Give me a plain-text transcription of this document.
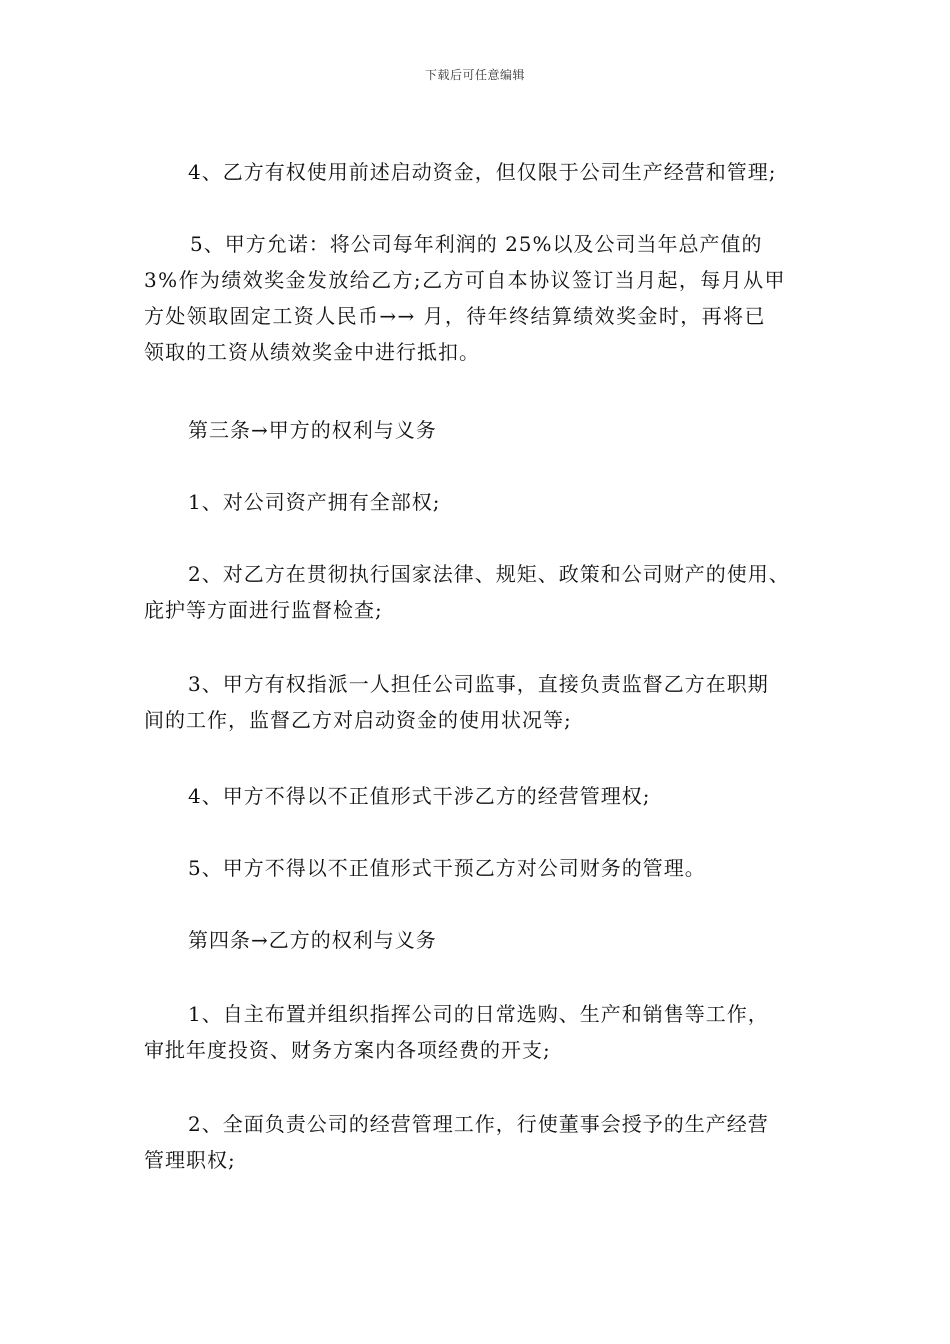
下载后可任意编辑
4、乙方有权使用前述启动资金，但仅限于公司生产经营和管理;
5、甲方允诺：将公司每年利润的 25%以及公司当年总产值的
3%作为绩效奖金发放给乙方;乙方可自本协议签订当月起，每月从甲
方处领取固定工资人民币→→ 月，待年终结算绩效奖金时，再将已
领取的工资从绩效奖金中进行抵扣。
第三条→甲方的权利与义务
1、对公司资产拥有全部权;
2、对乙方在贯彻执行国家法律、规矩、政策和公司财产的使用、
庇护等方面进行监督检查;
3、甲方有权指派一人担任公司监事，直接负责监督乙方在职期
间的工作，监督乙方对启动资金的使用状况等;
4、甲方不得以不正值形式干涉乙方的经营管理权;
5、甲方不得以不正值形式干预乙方对公司财务的管理。
第四条→乙方的权利与义务
1、自主布置并组织指挥公司的日常选购、生产和销售等工作，
审批年度投资、财务方案内各项经费的开支;
2、全面负责公司的经营管理工作，行使董事会授予的生产经营
管理职权;
